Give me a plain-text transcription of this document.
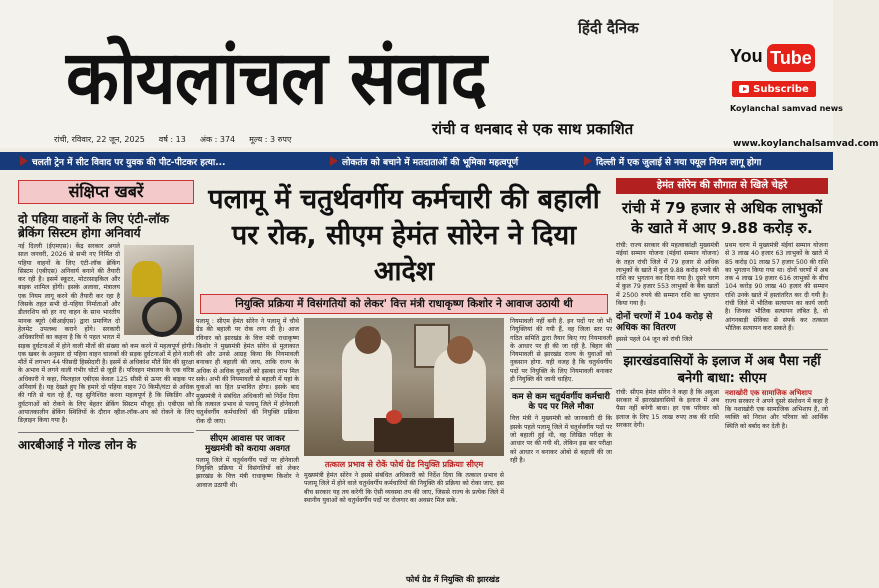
हिंदी दैनिक
कोयलांचल संवाद
रांची व धनबाद से एक साथ प्रकाशित
रांची, रविवार, 22 जून, 2025 वर्ष : 13 अंक : 374 मूल्य : 3 रुपए	www.koylanchalsamvad.com
You Tube
Subscribe
Koylanchal samvad news
चलती ट्रेन में सीट विवाद पर युवक की पीट-पीटकर हत्या...	लोकतंत्र को बचाने में मतदाताओं की भूमिका महत्वपूर्ण	दिल्ली में एक जुलाई से नया फ्यूल नियम लागू होगा
संक्षिप्त खबरें
दो पहिया वाहनों के लिए एंटी-लॉक ब्रेकिंग सिस्टम होगा अनिवार्य
नई दिल्ली (ईएमएस)। केंद्र सरकार अगले साल जनवरी, 2026 से सभी नए निर्मित दो पहिया वाहनों के लिए एंटी-लॉक ब्रेकिंग सिस्टम (एबीएस) अनिवार्य बनाने की तैयारी कर रही है। इसमें स्कूटर, मोटरसाइकिल और बाइक शामिल होंगी। इसके अलावा, मंत्रालय एक नियम लागू करने की तैयारी कर रहा है जिसके तहत सभी दो-पहिया निर्माताओं और डीलरशिप को हर नए वाहन के साथ भारतीय मानक ब्यूरो (बीआईएस) द्वारा प्रमाणित दो हेलमेट उपलब्ध कराने होंगे। सरकारी अधिकारियों का कहना है कि ये पहल भारत में सड़क दुर्घटनाओं में होने वाली मौतों की संख्या को कम करने में महत्वपूर्ण होगी। एक खबर के अनुसार दो पहिया वाहन चालकों की सड़क दुर्घटनाओं में होने वाली मौतें में लगभग 44 फीसदी हिस्सेदारी है। इसमें से अधिकांश मौतें सिर की सुरक्षा के अभाव में लगने वाली गंभीर चोटों से जुड़ी हैं। परिवहन मंत्रालय के एक वरिष्ठ अधिकारी ने कहा, फिलहाल एबीएस केवल 125 सीसी से ऊपर की बाइक पर अनिवार्य है। यह देखते हुए कि हमारे दो पहिया वाहन 70 किमी/घंटा से अधिक की गति से चल रहे हैं, यह सुनिश्चित करना महत्वपूर्ण है कि स्किडिंग और दुर्घटनाओं को रोकने के लिए बेहतर ब्रेकिंग सिस्टम मौजूद हो। एबीएस को आपातकालीन ब्रेकिंग स्थितियों के दौरान व्हील-लॉक-अप को रोकने के लिए डिज़ाइन किया गया है।
आरबीआई ने गोल्ड लोन के
पलामू में चतुर्थवर्गीय कर्मचारी की बहाली पर रोक, सीएम हेमंत सोरेन ने दिया आदेश
नियुक्ति प्रक्रिया में विसंगतियों को लेकर' वित्त मंत्री राधाकृष्ण किशोर ने आवाज उठायी थी
पलामू : सीएम हेमंत सोरेन ने पलामू में चौथे ग्रेड की बहाली पर रोक लगा दी है। आज रविवार को झारखंड के वित्त मंत्री राधाकृष्ण किशोर ने मुख्यमंत्री हेमंत सोरेन से मुलाकात की और उनसे आग्रह किया कि नियमावली बनाकर ही बहाली की जाय, ताकि राज्य के अधिक से अधिक युवाओं को इसका लाभ मिल सके। अभी की नियमावली से बहाली में यहां के युवाओं का हित प्रभावित होगा। इसके बाद मुख्यमंत्री ने संबंधित अधिकारी को निर्देश दिया कि तत्काल प्रभाव से पलामू जिले में होनेवाली चतुर्थवर्गीय कर्मचारियों की नियुक्ति प्रक्रिया रोक दी जाए।
सीएम आवास पर जाकर मुख्यमंत्री को कराया अवगत
पलामू जिले में चतुर्थवर्गीय पदों पर होनेवाली नियुक्ति प्रक्रिया में विसंगतियों को लेकर झारखंड के वित्त मंत्री राधाकृष्ण किशोर ने आवाज उठायी थी।
तत्काल प्रभाव से रोकें फोर्थ ग्रेड नियुक्ति प्रक्रियाः सीएम
मुख्यमंत्री हेमंत सोरेन ने इससे संबंधित अधिकारी को निर्देश दिया कि तत्काल प्रभाव से पलामू जिले में होने वाले चतुर्थवर्गीय कर्मचारियों की नियुक्ति की प्रक्रिया को रोका जाए. इस बीच सरकार यह तय करेगी कि ऐसी व्यवस्था तय की जाए, जिससे राज्य के प्रत्येक जिले में स्थानीय युवाओं को चतुर्थवर्गीय पदों पर रोजगार का अवसर मिल सके.
नियमावली नहीं बनी है. इन पदों पर जो भी नियुक्तियां की गयी हैं, वह जिला स्तर पर गठित समिति द्वारा तैयार किए गए नियमावली के आधार पर ही की जा रही है. बिहार की नियमावली से झारखंड राज्य के युवाओं को नुकसान होगा. यही वजह है कि चतुर्थवर्गीय पदों पर नियुक्ति के लिए नियमावली बनाकर ही नियुक्ति की जानी चाहिए.
कम से कम चतुर्थवर्गीय कर्मचारी के पद पर मिले मौका
वित्त मंत्री ने मुख्यमंत्री को जानकारी दी कि इसके पहले पलामू जिले में चतुर्थवर्गीय पदों पर जो बहाली हुई थी, वह लिखित परीक्षा के आधार पर की गयी थी, लेकिन इस बार परीक्षा को आधार न बनाकर ओबो से बहाली की जा रही है।
फोर्थ ग्रेड में नियुक्ति की झारखंड
हेमंत सोरेन की सौगात से खिले चेहरे
रांची में 79 हजार से अधिक लाभुकों के खाते में आए 9.88 करोड़ रु.
रांची: राज्य सरकार की महत्वाकांक्षी मुख्यमंत्री मंईयां सम्मान योजना (मंईयां सम्मान योजना) के तहत रांची जिले में 79 हजार से अधिक लाभुकों के खाते में कुल 9.88 करोड़ रुपये की राशि का भुगतान कर दिया गया है। दूसरे चरण में कुल 79 हजार 553 लाभुकों के बैंक खातों में 2500 रुपये की सम्मान राशि का भुगतान किया गया है।
दोनों चरणों में 104 करोड़ से अधिक का वितरण
इससे पहले 04 जून को रांची जिले
प्रथम चरण में मुख्यमंत्री मंईयां सम्मान योजना से 3 लाख 40 हजार 63 लाभुकों के खाते में 85 करोड़ 01 लाख 57 हजार 500 की राशि का भुगतान किया गया था। दोनों चरणों में अब तक 4 लाख 19 हजार 616 लाभुकों के बीच 104 करोड़ 90 लाख 40 हजार की सम्मान राशि उनके खाते में हस्तांतरित कर दी गयी है। रांची जिले में भौतिक सत्यापन का कार्य जारी है। जिनका भौतिक सत्यापन लंबित है, वो आंगनबाड़ी सेविका से संपर्क कर तत्काल भौतिक सत्यापन करा सकते हैं।
झारखंडवासियों के इलाज में अब पैसा नहीं बनेगी बाधा: सीएम
रांची: सीएम हेमंत सोरेन ने कहा है कि अबुआ सरकार में झारखंडवासियों के इलाज में अब पैसा नहीं बनेगी बाधा। हर एक परिवार को इलाज के लिए 15 लाख रुपए तक की राशि सरकार देगी।
नशाखोरी एक सामाजिक अभिशाप
राज्य सरकार ने अपने दूसरे संशोधन में कहा है कि नशाखोरी एक सामाजिक अभिशाप है, जो व्यक्ति को निराश और परिवार को आर्थिक स्थिति को बर्बाद कर देती है।
